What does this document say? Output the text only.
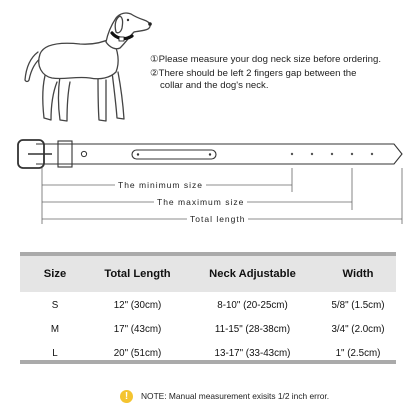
①Please measure your dog neck size before ordering.
②There should be left 2 fingers gap between the
collar and the dog's neck.
The minimum size
The maximum size
Total length
Size	Total Length	Neck Adjustable	Width
S	12" (30cm)	8-10" (20-25cm)	5/8" (1.5cm)
M	17" (43cm)	11-15" (28-38cm)	3/4" (2.0cm)
L	20" (51cm)	13-17" (33-43cm)	1" (2.5cm)
!	NOTE: Manual measurement exisits 1/2 inch error.
